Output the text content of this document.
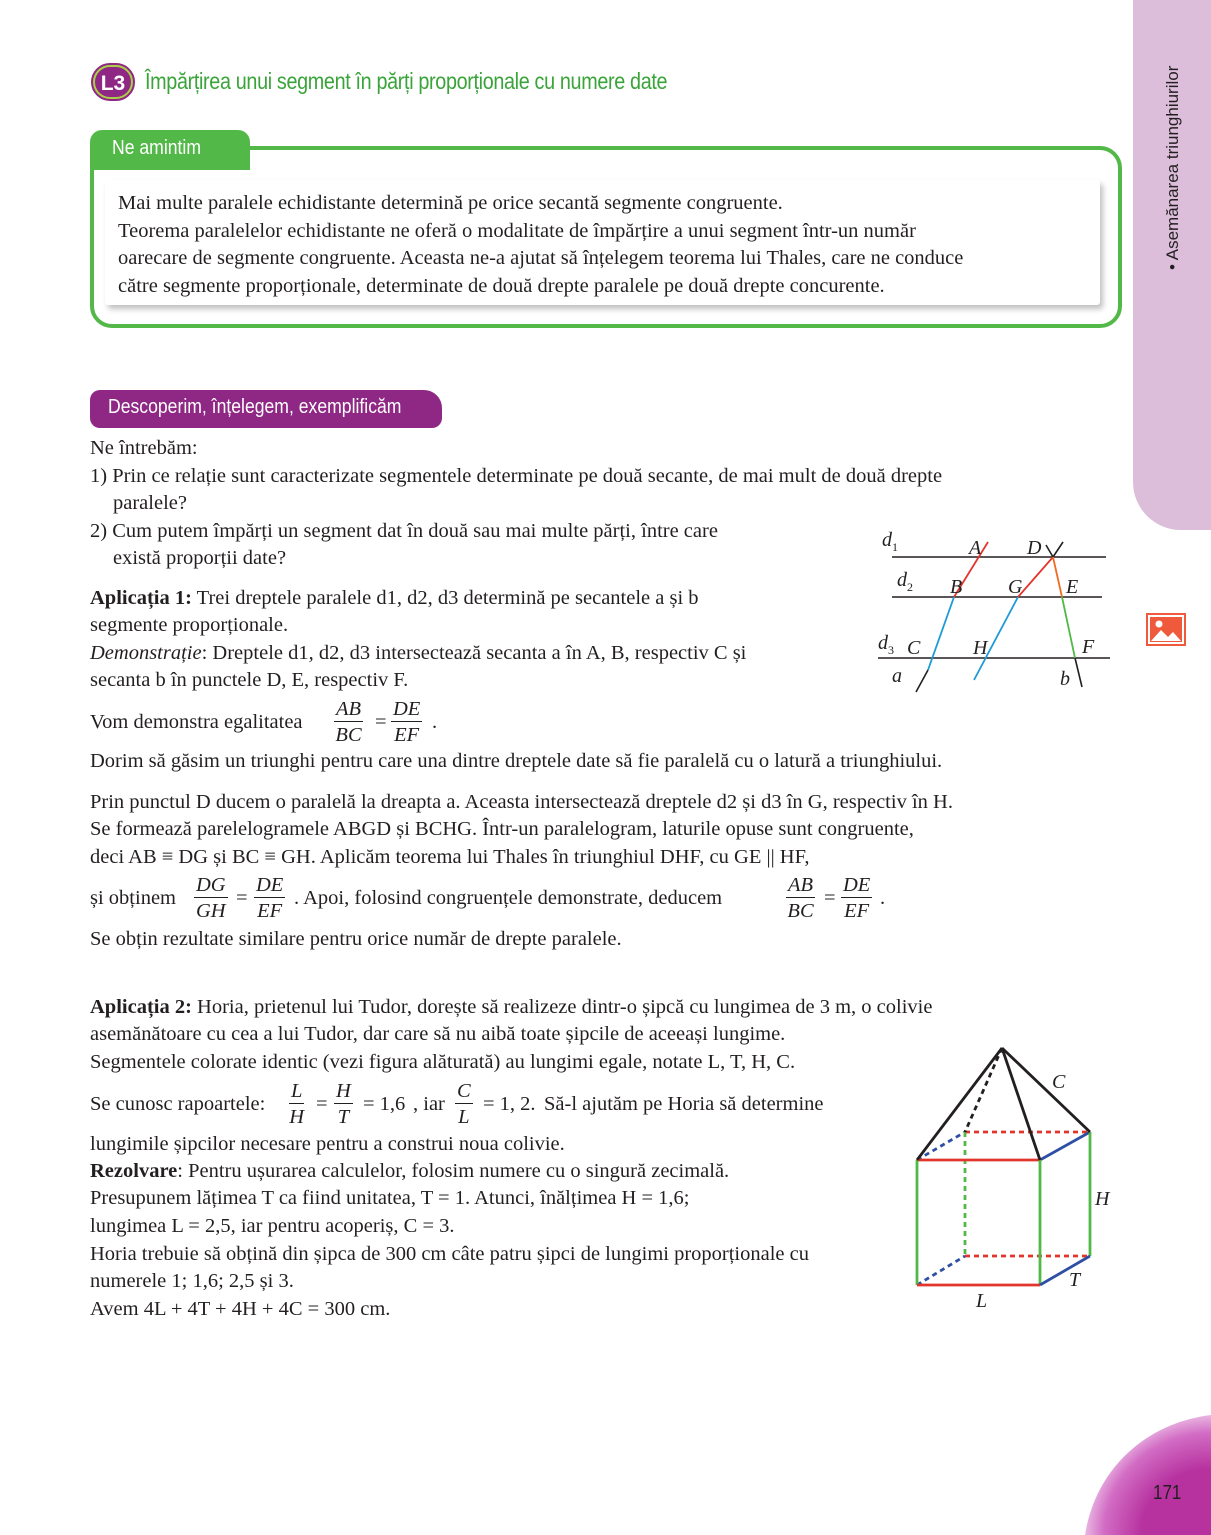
• Asemănarea triunghiurilor
L3 Împărțirea unui segment în părți proporționale cu numere date
Ne amintim
Mai multe paralele echidistante determină pe orice secantă segmente congruente.
Teorema paralelelor echidistante ne oferă o modalitate de împărțire a unui segment într-un număr
oarecare de segmente congruente. Aceasta ne-a ajutat să înțelegem teorema lui Thales, care ne conduce
către segmente proporționale, determinate de două drepte paralele pe două drepte concurente.
Descoperim, înțelegem, exemplificăm
Ne întrebăm:
1) Prin ce relație sunt caracterizate segmentele determinate pe două secante, de mai mult de două drepte
paralele?
2) Cum putem împărți un segment dat în două sau mai multe părți, între care
există proporții date?
Aplicația 1: Trei dreptele paralele d1, d2, d3 determină pe secantele a și b
segmente proporționale.
Demonstrație: Dreptele d1, d2, d3 intersectează secanta a în A, B, respectiv C și
secanta b în punctele D, E, respectiv F.
Vom demonstra egalitatea $\frac{AB}{BC} = \frac{DE}{EF}$ .
Dorim să găsim un triunghi pentru care una dintre dreptele date să fie paralelă cu o latură a triunghiului.
Prin punctul D ducem o paralelă la dreapta a. Aceasta intersectează dreptele d2 și d3 în G, respectiv în H.
Se formează parelelogramele ABGD și BCHG. Într-un paralelogram, laturile opuse sunt congruente,
deci AB ≡ DG și BC ≡ GH. Aplicăm teorema lui Thales în triunghiul DHF, cu GE || HF,
și obținem $\frac{DG}{GH} = \frac{DE}{EF}$ . Apoi, folosind congruențele demonstrate, deducem	$\frac{AB}{BC} = \frac{DE}{EF}$ .
Se obțin rezultate similare pentru orice număr de drepte paralele.
$d_1$
$d_2$
$d_3$
A D
B G E
C	H	F
a	b
Aplicația 2: Horia, prietenul lui Tudor, dorește să realizeze dintr-o șipcă cu lungimea de 3 m, o colivie
asemănătoare cu cea a lui Tudor, dar care să nu aibă toate șipcile de aceeași lungime.
Segmentele colorate identic (vezi figura alăturată) au lungimi egale, notate L, T, H, C.
Se cunosc rapoartele: $\frac{L}{H} = \frac{H}{T} = 1,6$ , iar $\frac{C}{L} = 1$, 2. Să-l ajutăm pe Horia să determine
lungimile șipcilor necesare pentru a construi noua colivie.
Rezolvare: Pentru ușurarea calculelor, folosim numere cu o singură zecimală.
Presupunem lățimea T ca fiind unitatea, T = 1. Atunci, înălțimea H = 1,6;
lungimea L = 2,5, iar pentru acoperiș, C = 3.
Horia trebuie să obțină din șipca de 300 cm câte patru șipci de lungimi proporționale cu
numerele 1; 1,6; 2,5 și 3.
Avem 4L + 4T + 4H + 4C = 300 cm.
C
H
T
L
171
